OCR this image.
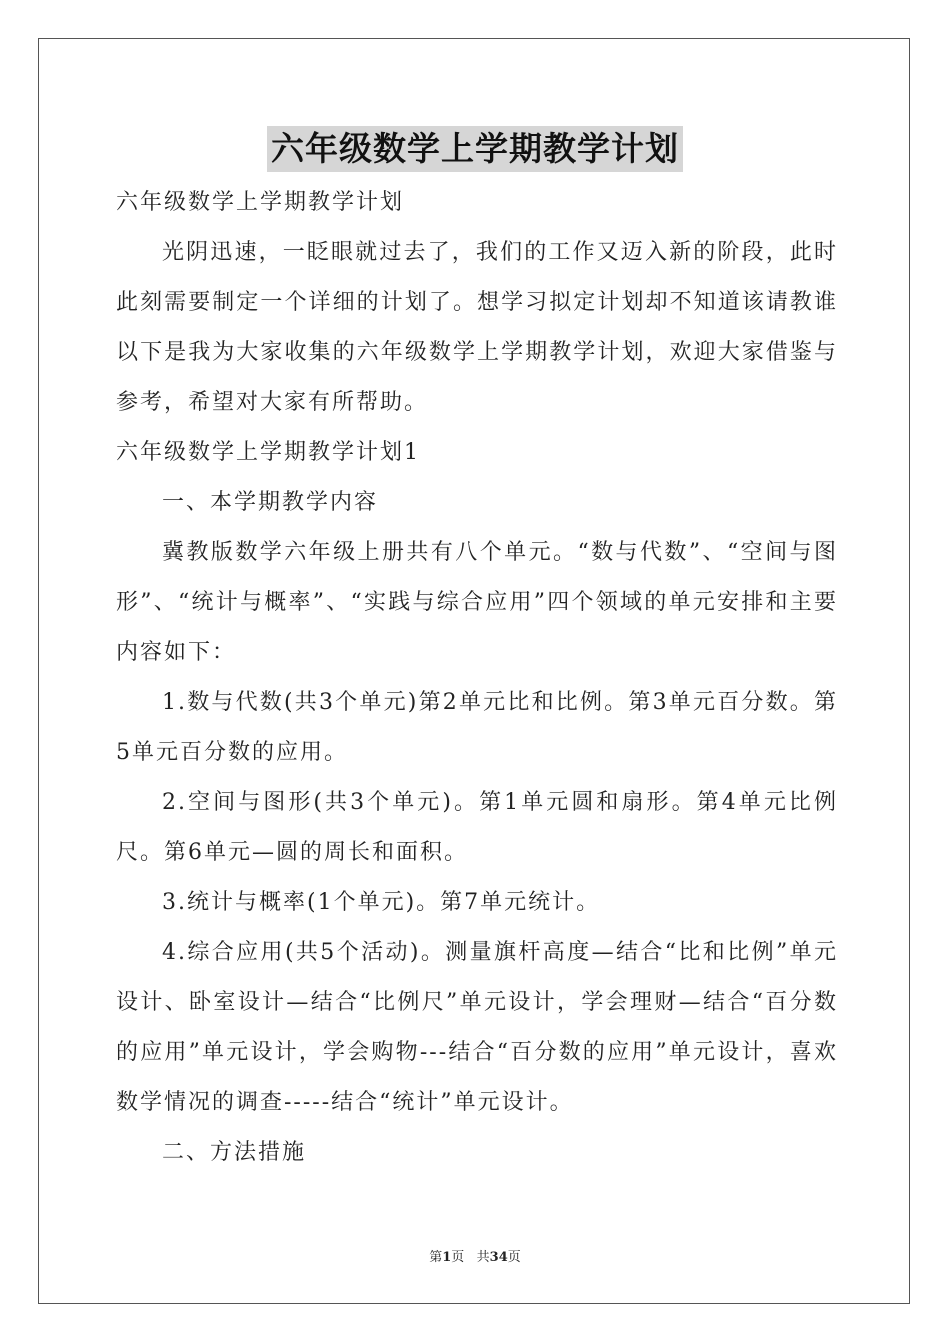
六年级数学上学期教学计划

六年级数学上学期教学计划

光阴迅速，一眨眼就过去了，我们的工作又迈入新的阶段，此时此刻需要制定一个详细的计划了。想学习拟定计划却不知道该请教谁以下是我为大家收集的六年级数学上学期教学计划，欢迎大家借鉴与参考，希望对大家有所帮助。

六年级数学上学期教学计划1

一、本学期教学内容

冀教版数学六年级上册共有八个单元。“数与代数”、“空间与图形”、“统计与概率”、“实践与综合应用”四个领域的单元安排和主要内容如下：

1.数与代数(共3个单元)第2单元比和比例。第3单元百分数。第5单元百分数的应用。

2.空间与图形(共3个单元)。第1单元圆和扇形。第4单元比例尺。第6单元—圆的周长和面积。

3.统计与概率(1个单元)。第7单元统计。

4.综合应用(共5个活动)。测量旗杆高度—结合“比和比例”单元设计、卧室设计—结合“比例尺”单元设计，学会理财—结合“百分数的应用”单元设计，学会购物---结合“百分数的应用”单元设计，喜欢数学情况的调查-----结合“统计”单元设计。

二、方法措施

第1页   共34页
